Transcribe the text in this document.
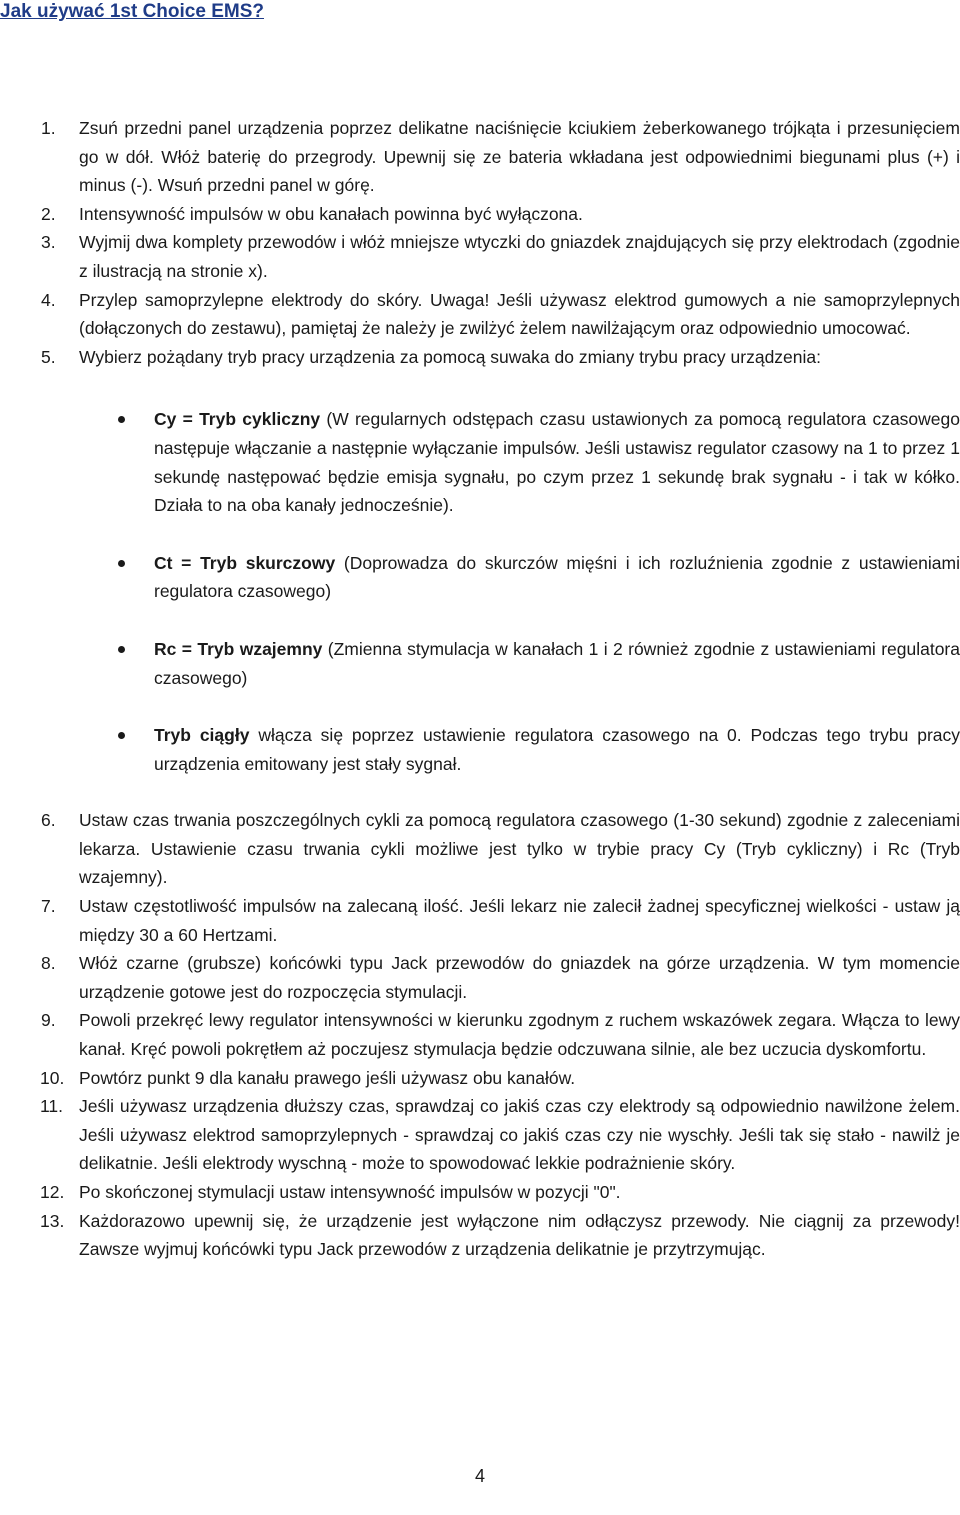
Jak używać 1st Choice EMS?
1. Zsuń przedni panel urządzenia poprzez delikatne naciśnięcie kciukiem żeberkowanego trójkąta i przesunięciem go w dół. Włóż baterię do przegrody. Upewnij się ze bateria wkładana jest odpowiednimi biegunami plus (+) i minus (-). Wsuń przedni panel w górę.
2. Intensywność impulsów w obu kanałach powinna być wyłączona.
3. Wyjmij dwa komplety przewodów i włóż mniejsze wtyczki do gniazdek znajdujących się przy elektrodach (zgodnie z ilustracją na stronie x).
4. Przylep samoprzylepne elektrody do skóry. Uwaga! Jeśli używasz elektrod gumowych a nie samoprzylepnych (dołączonych do zestawu), pamiętaj że należy je zwilżyć żelem nawilżającym oraz odpowiednio umocować.
5. Wybierz pożądany tryb pracy urządzenia za pomocą suwaka do zmiany trybu pracy urządzenia:
Cy = Tryb cykliczny (W regularnych odstępach czasu ustawionych za pomocą regulatora czasowego następuje włączanie a następnie wyłączanie impulsów. Jeśli ustawisz regulator czasowy na 1 to przez 1 sekundę następować będzie emisja sygnału, po czym przez 1 sekundę brak sygnału - i tak w kółko. Działa to na oba kanały jednocześnie).
Ct = Tryb skurczowy (Doprowadza do skurczów mięśni i ich rozluźnienia zgodnie z ustawieniami regulatora czasowego)
Rc = Tryb wzajemny (Zmienna stymulacja w kanałach 1 i 2 również zgodnie z ustawieniami regulatora czasowego)
Tryb ciągły włącza się poprzez ustawienie regulatora czasowego na 0. Podczas tego trybu pracy urządzenia emitowany jest stały sygnał.
6. Ustaw czas trwania poszczególnych cykli za pomocą regulatora czasowego (1-30 sekund) zgodnie z zaleceniami lekarza. Ustawienie czasu trwania cykli możliwe jest tylko w trybie pracy Cy (Tryb cykliczny) i Rc (Tryb wzajemny).
7. Ustaw częstotliwość impulsów na zalecaną ilość. Jeśli lekarz nie zalecił żadnej specyficznej wielkości - ustaw ją między 30 a 60 Hertzami.
8. Włóż czarne (grubsze) końcówki typu Jack przewodów do gniazdek na górze urządzenia. W tym momencie urządzenie gotowe jest do rozpoczęcia stymulacji.
9. Powoli przekręć lewy regulator intensywności w kierunku zgodnym z ruchem wskazówek zegara. Włącza to lewy kanał. Kręć powoli pokrętłem aż poczujesz stymulacja będzie odczuwana silnie, ale bez uczucia dyskomfortu.
10. Powtórz punkt 9 dla kanału prawego jeśli używasz obu kanałów.
11. Jeśli używasz urządzenia dłuższy czas, sprawdzaj co jakiś czas czy elektrody są odpowiednio nawilżone żelem. Jeśli używasz elektrod samoprzylepnych - sprawdzaj co jakiś czas czy nie wyschły. Jeśli tak się stało - nawilż je delikatnie. Jeśli elektrody wyschną - może to spowodować lekkie podrażnienie skóry.
12. Po skończonej stymulacji ustaw intensywność impulsów w pozycji "0".
13. Każdorazowo upewnij się, że urządzenie jest wyłączone nim odłączysz przewody. Nie ciągnij za przewody! Zawsze wyjmuj końcówki typu Jack przewodów z urządzenia delikatnie je przytrzymując.
4
